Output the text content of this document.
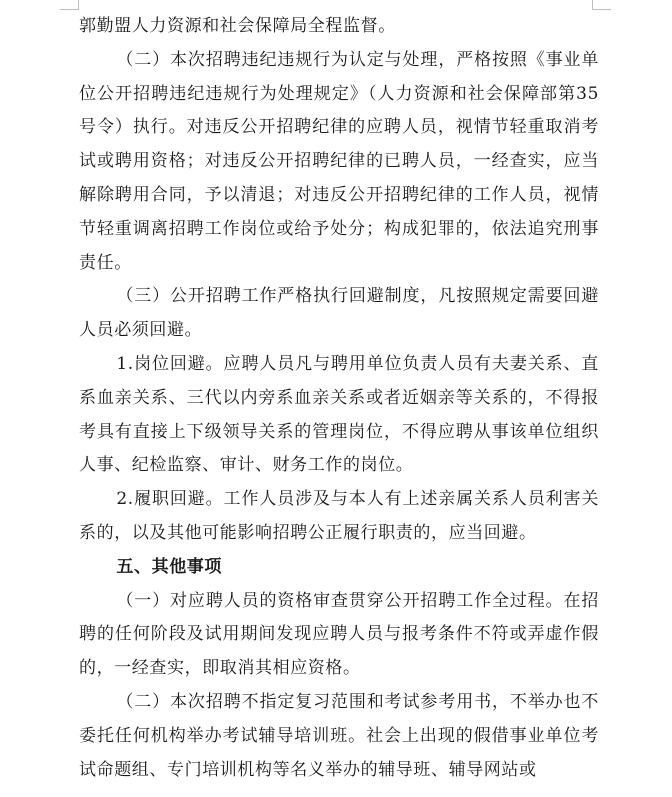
郭勤盟人力资源和社会保障局全程监督。

（二）本次招聘违纪违规行为认定与处理，严格按照《事业单位公开招聘违纪违规行为处理规定》（人力资源和社会保障部第35号令）执行。对违反公开招聘纪律的应聘人员，视情节轻重取消考试或聘用资格；对违反公开招聘纪律的已聘人员，一经查实，应当解除聘用合同，予以清退；对违反公开招聘纪律的工作人员，视情节轻重调离招聘工作岗位或给予处分；构成犯罪的，依法追究刑事责任。

（三）公开招聘工作严格执行回避制度，凡按照规定需要回避人员必须回避。

1.岗位回避。应聘人员凡与聘用单位负责人员有夫妻关系、直系血亲关系、三代以内旁系血亲关系或者近姻亲等关系的，不得报考具有直接上下级领导关系的管理岗位，不得应聘从事该单位组织人事、纪检监察、审计、财务工作的岗位。

2.履职回避。工作人员涉及与本人有上述亲属关系人员利害关系的，以及其他可能影响招聘公正履行职责的，应当回避。

五、其他事项

（一）对应聘人员的资格审查贯穿公开招聘工作全过程。在招聘的任何阶段及试用期间发现应聘人员与报考条件不符或弄虚作假的，一经查实，即取消其相应资格。

（二）本次招聘不指定复习范围和考试参考用书，不举办也不委托任何机构举办考试辅导培训班。社会上出现的假借事业单位考试命题组、专门培训机构等名义举办的辅导班、辅导网站或
